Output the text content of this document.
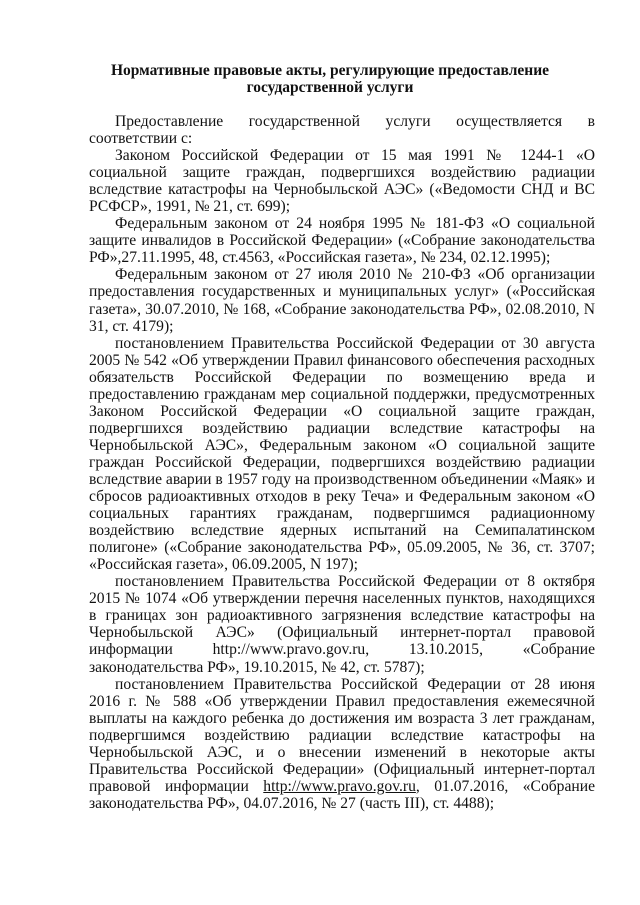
Нормативные правовые акты, регулирующие предоставление государственной услуги

Предоставление государственной услуги осуществляется в соответствии с:

Законом Российской Федерации от 15 мая 1991 № 1244-1 «О социальной защите граждан, подвергшихся воздействию радиации вследствие катастрофы на Чернобыльской АЭС» («Ведомости СНД и ВС РСФСР», 1991, № 21, ст. 699);

Федеральным законом от 24 ноября 1995 № 181-ФЗ «О социальной защите инвалидов в Российской Федерации» («Собрание законодательства РФ»,27.11.1995, 48, ст.4563, «Российская газета», № 234, 02.12.1995);

Федеральным законом от 27 июля 2010 № 210-ФЗ «Об организации предоставления государственных и муниципальных услуг» («Российская газета», 30.07.2010, № 168, «Собрание законодательства РФ», 02.08.2010, N 31, ст. 4179);

постановлением Правительства Российской Федерации от 30 августа 2005 № 542 «Об утверждении Правил финансового обеспечения расходных обязательств Российской Федерации по возмещению вреда и предоставлению гражданам мер социальной поддержки, предусмотренных Законом Российской Федерации «О социальной защите граждан, подвергшихся воздействию радиации вследствие катастрофы на Чернобыльской АЭС», Федеральным законом «О социальной защите граждан Российской Федерации, подвергшихся воздействию радиации вследствие аварии в 1957 году на производственном объединении «Маяк» и сбросов радиоактивных отходов в реку Теча» и Федеральным законом «О социальных гарантиях гражданам, подвергшимся радиационному воздействию вследствие ядерных испытаний на Семипалатинском полигоне» («Собрание законодательства РФ», 05.09.2005, № 36, ст. 3707; «Российская газета», 06.09.2005, N 197);

постановлением Правительства Российской Федерации от 8 октября 2015 № 1074 «Об утверждении перечня населенных пунктов, находящихся в границах зон радиоактивного загрязнения вследствие катастрофы на Чернобыльской АЭС» (Официальный интернет-портал правовой информации http://www.pravo.gov.ru, 13.10.2015, «Собрание законодательства РФ», 19.10.2015, № 42, ст. 5787);

постановлением Правительства Российской Федерации от 28 июня 2016 г. № 588 «Об утверждении Правил предоставления ежемесячной выплаты на каждого ребенка до достижения им возраста 3 лет гражданам, подвергшимся воздействию радиации вследствие катастрофы на Чернобыльской АЭС, и о внесении изменений в некоторые акты Правительства Российской Федерации» (Официальный интернет-портал правовой информации http://www.pravo.gov.ru, 01.07.2016, «Собрание законодательства РФ», 04.07.2016, № 27 (часть III), ст. 4488);
